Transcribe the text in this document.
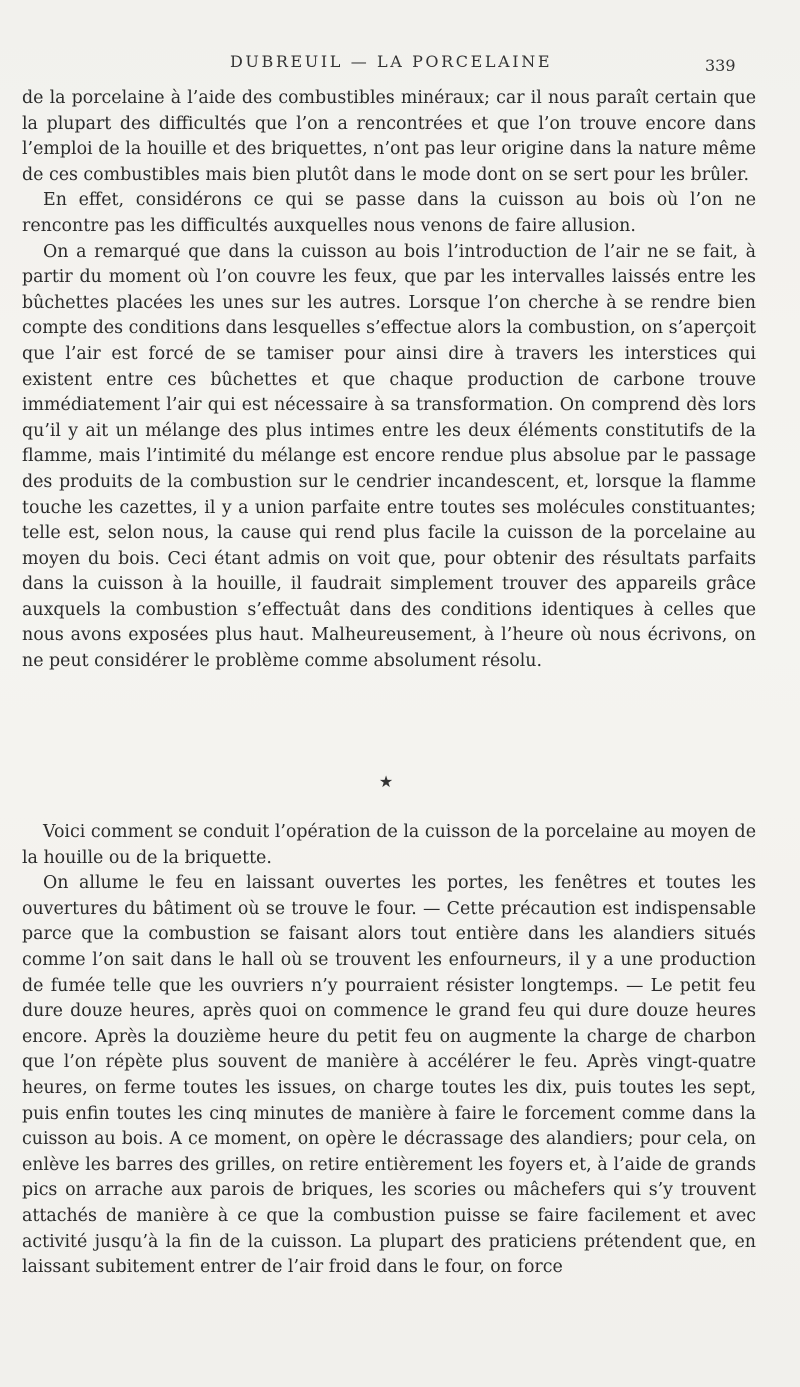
DUBREUIL — LA PORCELAINE	339

de la porcelaine à l’aide des combustibles minéraux; car il nous paraît certain que la plupart des difficultés que l’on a rencontrées et que l’on trouve encore dans l’emploi de la houille et des briquettes, n’ont pas leur origine dans la nature même de ces combustibles mais bien plutôt dans le mode dont on se sert pour les brûler.

En effet, considérons ce qui se passe dans la cuisson au bois où l’on ne rencontre pas les difficultés auxquelles nous venons de faire allusion.

On a remarqué que dans la cuisson au bois l’introduction de l’air ne se fait, à partir du moment où l’on couvre les feux, que par les intervalles laissés entre les bûchettes placées les unes sur les autres. Lorsque l’on cherche à se rendre bien compte des conditions dans lesquelles s’effectue alors la combustion, on s’aperçoit que l’air est forcé de se tamiser pour ainsi dire à travers les interstices qui existent entre ces bûchettes et que chaque production de carbone trouve immédiatement l’air qui est nécessaire à sa transformation. On comprend dès lors qu’il y ait un mélange des plus intimes entre les deux éléments constitutifs de la flamme, mais l’intimité du mélange est encore rendue plus absolue par le passage des produits de la combustion sur le cendrier incandescent, et, lorsque la flamme touche les cazettes, il y a union parfaite entre toutes ses molécules constituantes; telle est, selon nous, la cause qui rend plus facile la cuisson de la porcelaine au moyen du bois. Ceci étant admis on voit que, pour obtenir des résultats parfaits dans la cuisson à la houille, il faudrait simplement trouver des appareils grâce auxquels la combustion s’effectuât dans des conditions identiques à celles que nous avons exposées plus haut. Malheureusement, à l’heure où nous écrivons, on ne peut considérer le problème comme absolument résolu.

★

Voici comment se conduit l’opération de la cuisson de la porcelaine au moyen de la houille ou de la briquette.

On allume le feu en laissant ouvertes les portes, les fenêtres et toutes les ouvertures du bâtiment où se trouve le four. — Cette précaution est indispensable parce que la combustion se faisant alors tout entière dans les alandiers situés comme l’on sait dans le hall où se trouvent les enfourneurs, il y a une production de fumée telle que les ouvriers n’y pourraient résister longtemps. — Le petit feu dure douze heures, après quoi on commence le grand feu qui dure douze heures encore. Après la douzième heure du petit feu on augmente la charge de charbon que l’on répète plus souvent de manière à accélérer le feu. Après vingt-quatre heures, on ferme toutes les issues, on charge toutes les dix, puis toutes les sept, puis enfin toutes les cinq minutes de manière à faire le forcement comme dans la cuisson au bois. A ce moment, on opère le décrassage des alandiers; pour cela, on enlève les barres des grilles, on retire entièrement les foyers et, à l’aide de grands pics on arrache aux parois de briques, les scories ou mâchefers qui s’y trouvent attachés de manière à ce que la combustion puisse se faire facilement et avec activité jusqu’à la fin de la cuisson. La plupart des praticiens prétendent que, en laissant subitement entrer de l’air froid dans le four, on force
